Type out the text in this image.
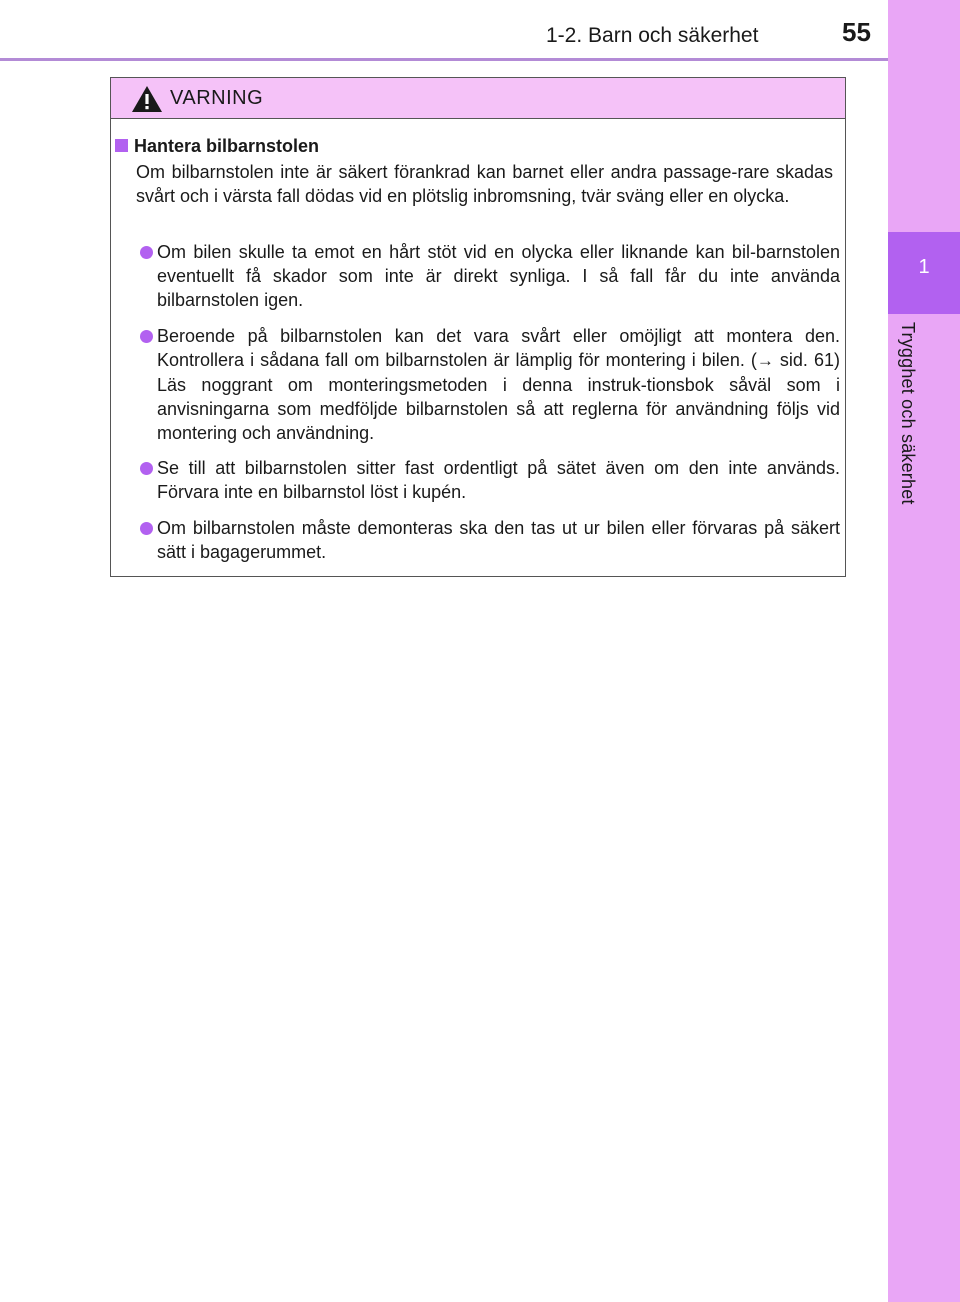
1-2. Barn och säkerhet	55
1
Trygghet och säkerhet
VARNING
Hantera bilbarnstolen
Om bilbarnstolen inte är säkert förankrad kan barnet eller andra passage-rare skadas svårt och i värsta fall dödas vid en plötslig inbromsning, tvär sväng eller en olycka.
Om bilen skulle ta emot en hårt stöt vid en olycka eller liknande kan bil-barnstolen eventuellt få skador som inte är direkt synliga. I så fall får du inte använda bilbarnstolen igen.
Beroende på bilbarnstolen kan det vara svårt eller omöjligt att montera den. Kontrollera i sådana fall om bilbarnstolen är lämplig för montering i bilen. (→ sid. 61) Läs noggrant om monteringsmetoden i denna instruk-tionsbok såväl som i anvisningarna som medföljde bilbarnstolen så att reglerna för användning följs vid montering och användning.
Se till att bilbarnstolen sitter fast ordentligt på sätet även om den inte används. Förvara inte en bilbarnstol löst i kupén.
Om bilbarnstolen måste demonteras ska den tas ut ur bilen eller förvaras på säkert sätt i bagagerummet.
